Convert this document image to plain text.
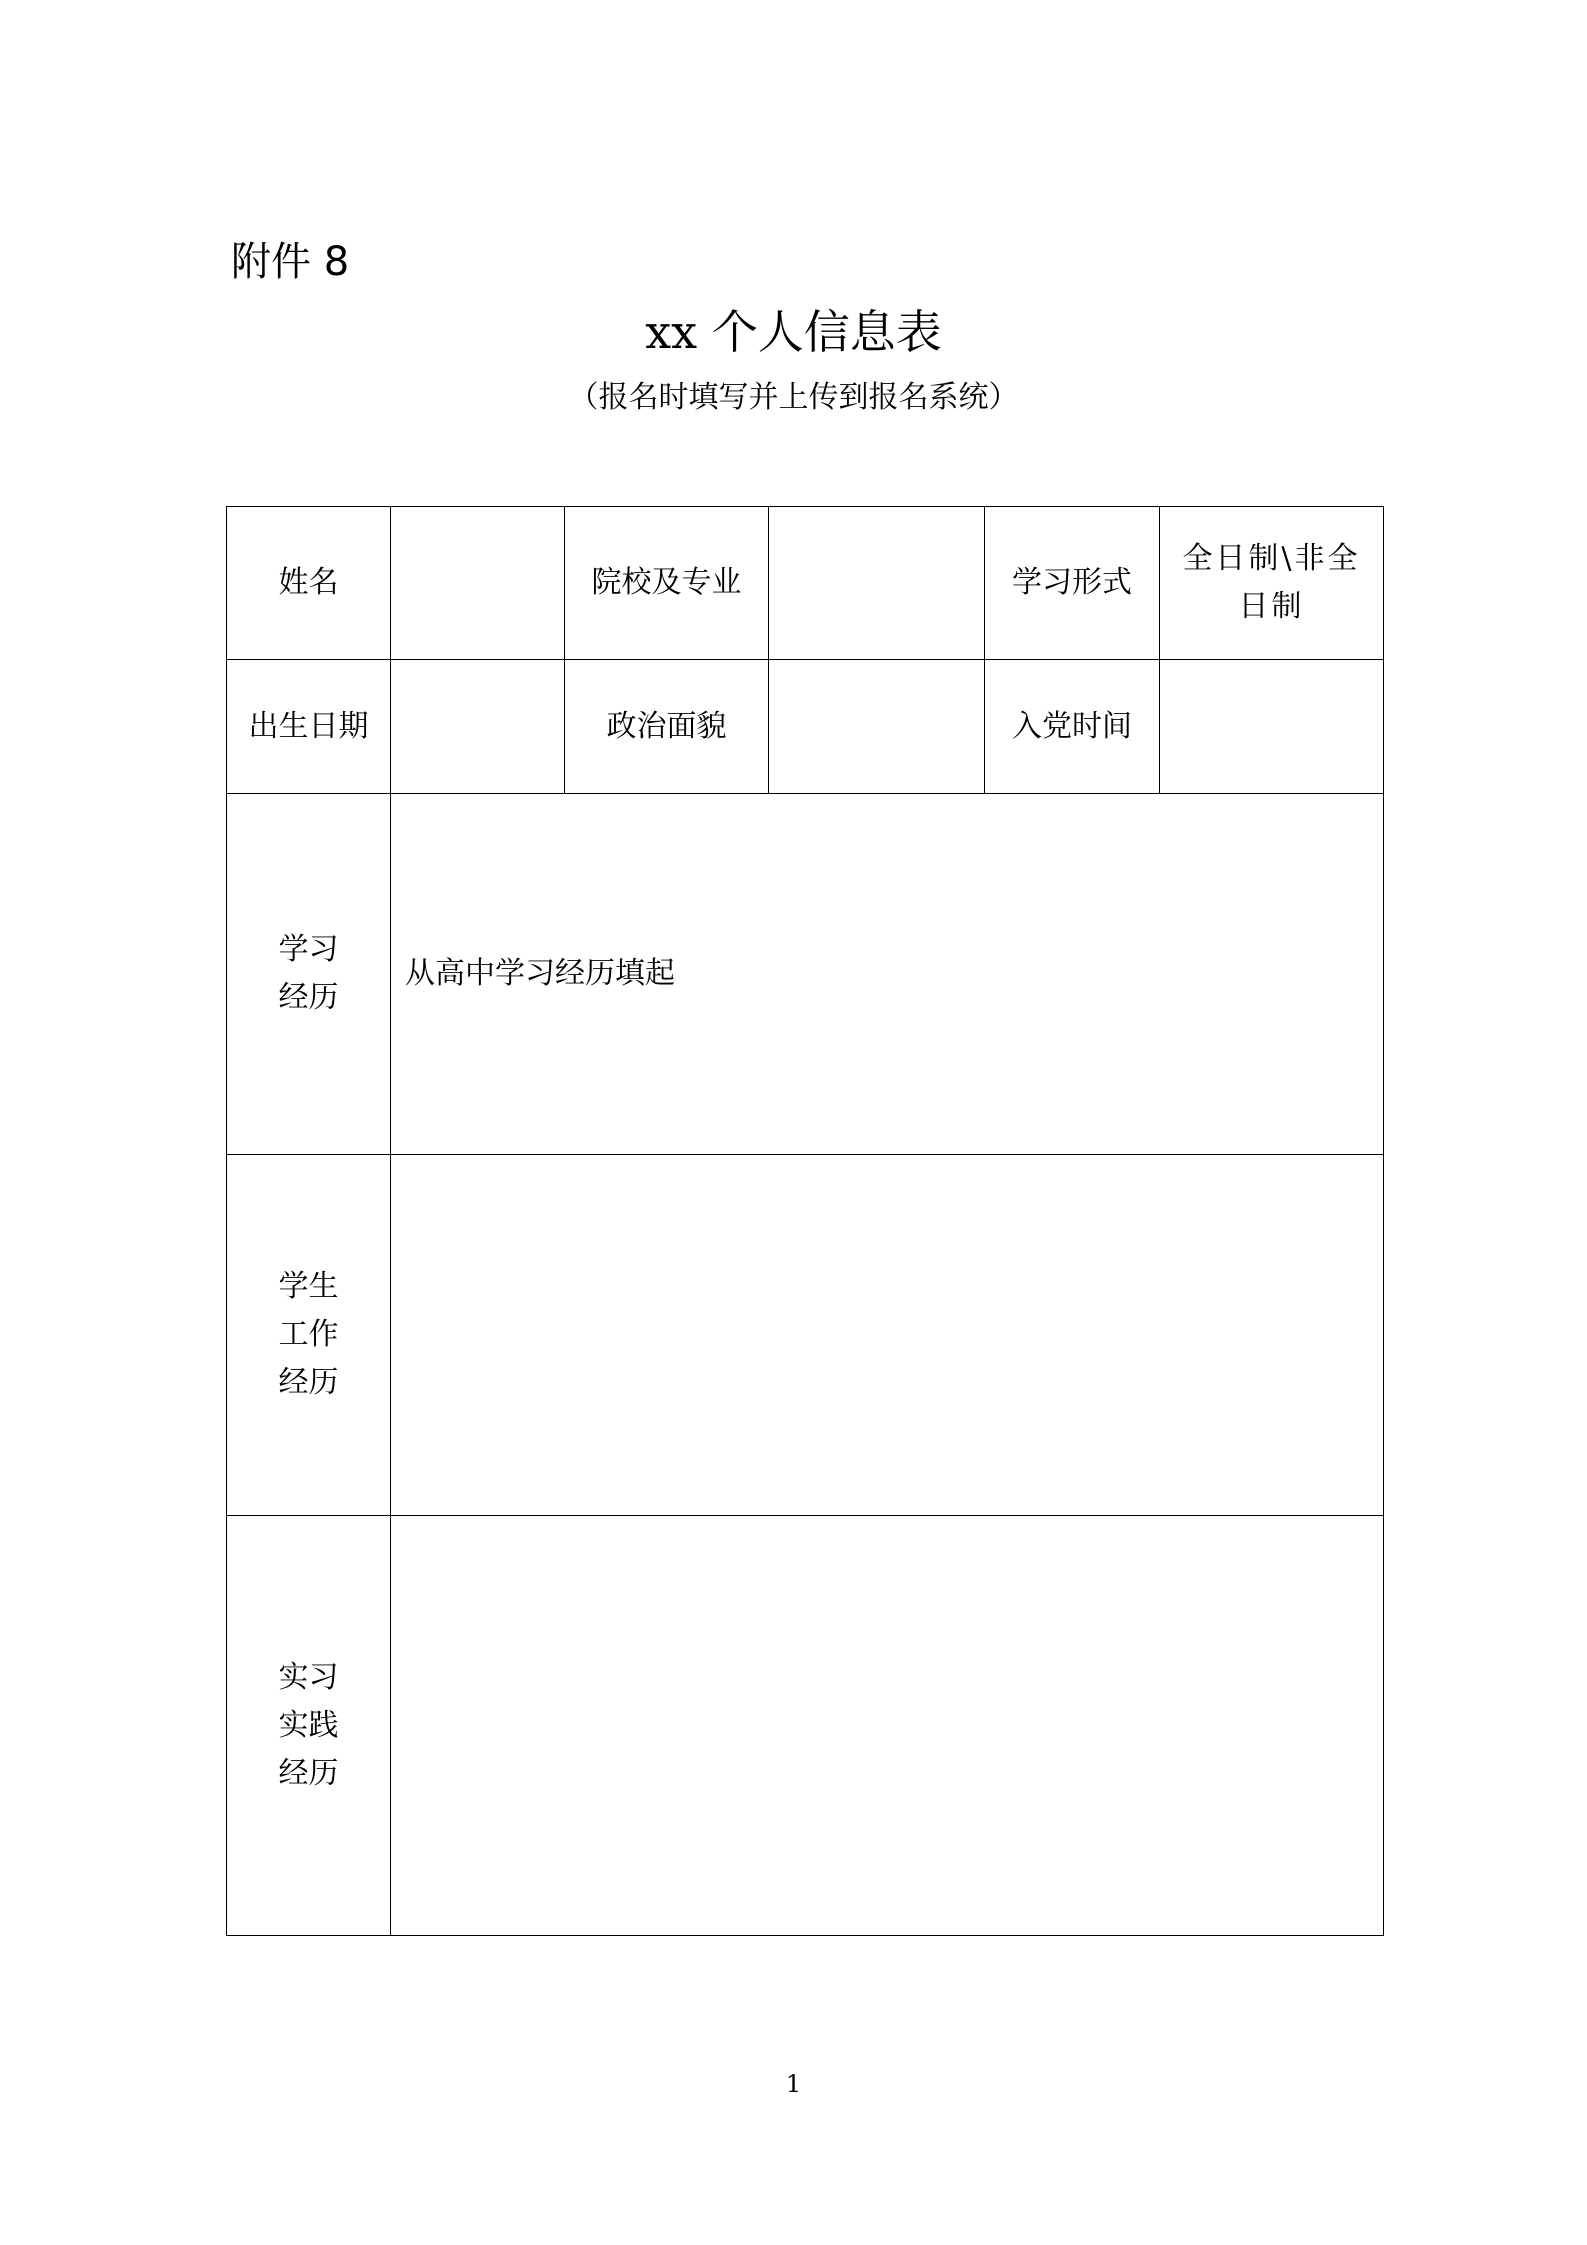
附件 8
xx 个人信息表
（报名时填写并上传到报名系统）
姓名		院校及专业		学习形式	全日制\非全日制
出生日期		政治面貌		入党时间	

学习经历	从高中学习经历填起				

学生工作经历					

实习实践经历					

1
